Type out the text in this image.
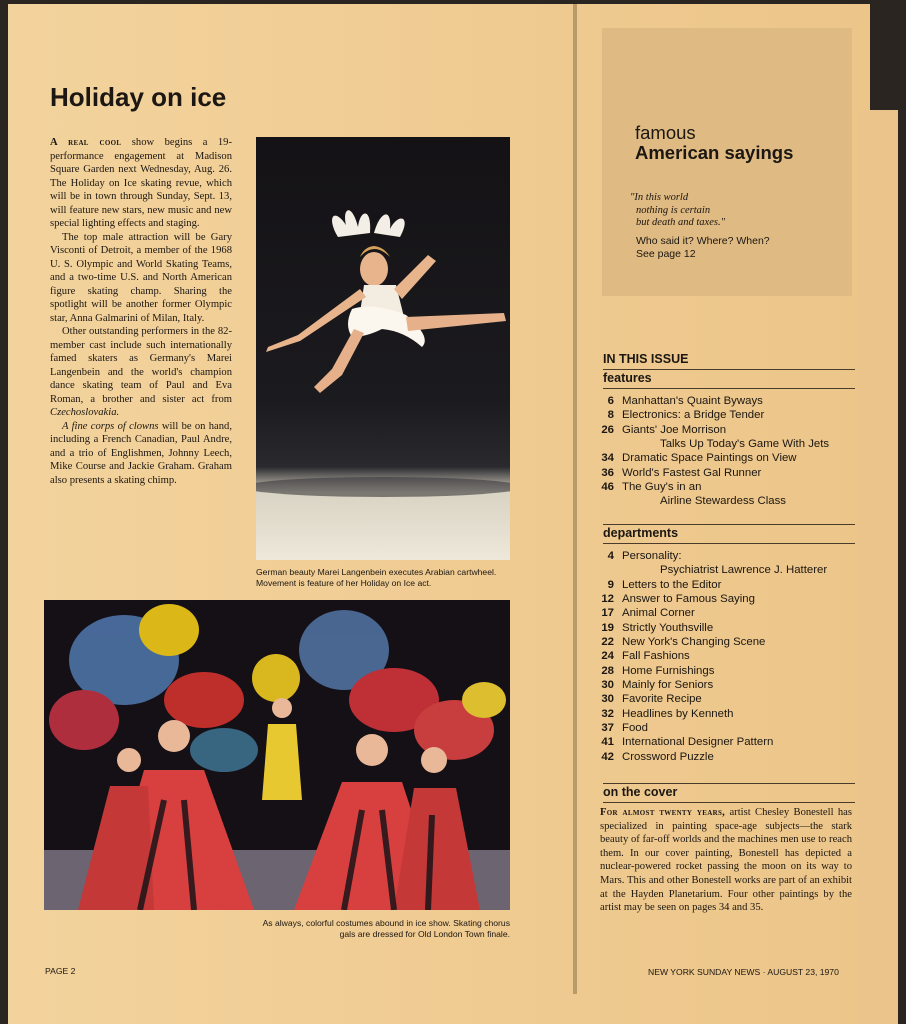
Holiday on ice

A real cool show begins a 19-performance engagement at Madison Square Garden next Wednesday, Aug. 26. The Holiday on Ice skating revue, which will be in town through Sunday, Sept. 13, will feature new stars, new music and new special lighting effects and staging.

The top male attraction will be Gary Visconti of Detroit, a member of the 1968 U. S. Olympic and World Skating Teams, and a two-time U.S. and North American figure skating champ. Sharing the spotlight will be another former Olympic star, Anna Galmarini of Milan, Italy.

Other outstanding performers in the 82-member cast include such internationally famed skaters as Germany's Marei Langenbein and the world's champion dance skating team of Paul and Eva Roman, a brother and sister act from Czechoslovakia.

A fine corps of clowns will be on hand, including a French Canadian, Paul Andre, and a trio of Englishmen, Johnny Leech, Mike Course and Jackie Graham. Graham also presents a skating chimp.

German beauty Marei Langenbein executes Arabian cartwheel. Movement is feature of her Holiday on Ice act.
As always, colorful costumes abound in ice show. Skating chorus gals are dressed for Old London Town finale.
PAGE 2	NEW YORK SUNDAY NEWS · AUGUST 23, 1970
famous
American sayings
"In this world
nothing is certain
but death and taxes."
Who said it? Where? When?
See page 12
IN THIS ISSUE
features
6 Manhattan's Quaint Byways
8 Electronics: a Bridge Tender
26 Giants' Joe Morrison
Talks Up Today's Game With Jets
34 Dramatic Space Paintings on View
36 World's Fastest Gal Runner
46 The Guy's in an
Airline Stewardess Class
departments
4 Personality:
Psychiatrist Lawrence J. Hatterer
9 Letters to the Editor
12 Answer to Famous Saying
17 Animal Corner
19 Strictly Youthsville
22 New York's Changing Scene
24 Fall Fashions
28 Home Furnishings
30 Mainly for Seniors
30 Favorite Recipe
32 Headlines by Kenneth
37 Food
41 International Designer Pattern
42 Crossword Puzzle
on the cover
For almost twenty years, artist Chesley Bonestell has specialized in painting space-age subjects—the stark beauty of far-off worlds and the machines men use to reach them. In our cover painting, Bonestell has depicted a nuclear-powered rocket passing the moon on its way to Mars. This and other Bonestell works are part of an exhibit at the Hayden Planetarium. Four other paintings by the artist may be seen on pages 34 and 35.
